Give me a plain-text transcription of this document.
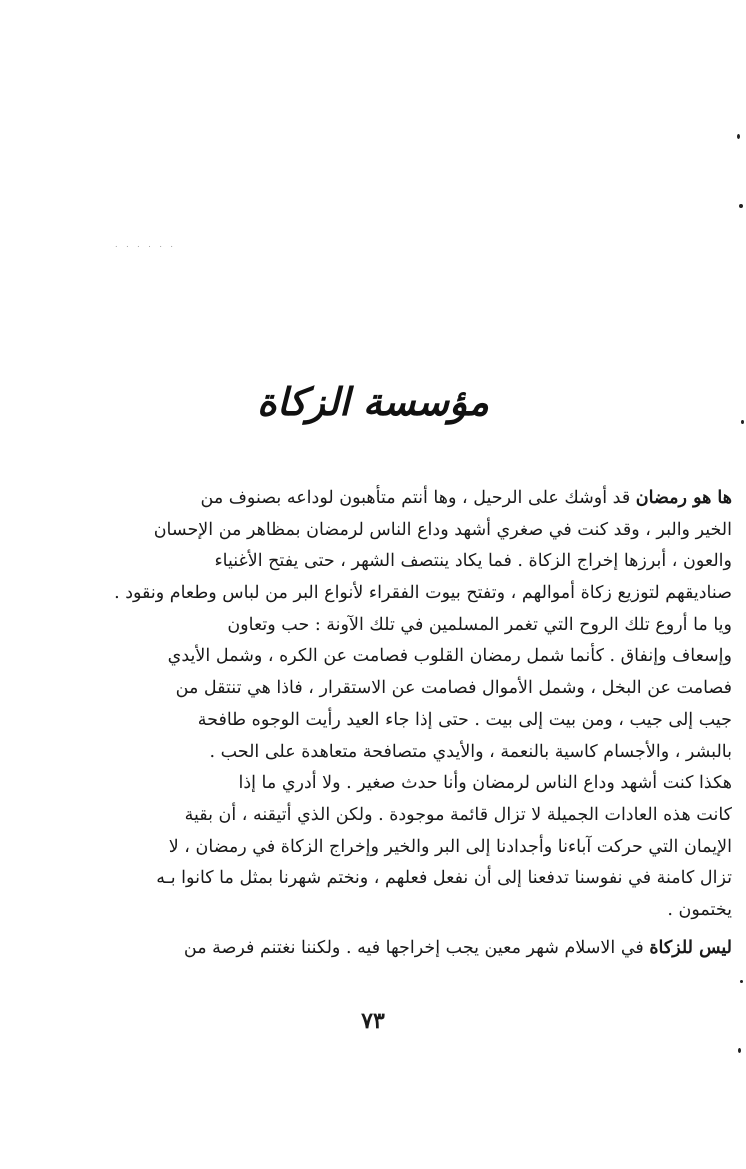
. . . . . .
مؤسسة الزكاة
ها هو رمضان قد أوشك على الرحيل ، وها أنتم متأهبون لوداعه بصنوف من
الخير والبر ، وقد كنت في صغري أشهد وداع الناس لرمضان بمظاهر من الإحسان
والعون ، أبرزها إخراج الزكاة . فما يكاد ينتصف الشهر ، حتى يفتح الأغنياء
صناديقهم لتوزيع زكاة أموالهم ، وتفتح بيوت الفقراء لأنواع البر من لباس وطعام ونقود .
ويا ما أروع تلك الروح التي تغمر المسلمين في تلك الآونة : حب وتعاون
وإسعاف وإنفاق . كأنما شمل رمضان القلوب فصامت عن الكره ، وشمل الأيدي
فصامت عن البخل ، وشمل الأموال فصامت عن الاستقرار ، فاذا هي تنتقل من
جيب إلى جيب ، ومن بيت إلى بيت . حتى إذا جاء العيد رأيت الوجوه طافحة
بالبشر ، والأجسام كاسية بالنعمة ، والأيدي متصافحة متعاهدة على الحب .
هكذا كنت أشهد وداع الناس لرمضان وأنا حدث صغير . ولا أدري ما إذا
كانت هذه العادات الجميلة لا تزال قائمة موجودة . ولكن الذي أتيقنه ، أن بقية
الإيمان التي حركت آباءنا وأجدادنا إلى البر والخير وإخراج الزكاة في رمضان ، لا
تزال كامنة في نفوسنا تدفعنا إلى أن نفعل فعلهم ، ونختم شهرنا بمثل ما كانوا بـه
يختمون .
ليس للزكاة في الاسلام شهر معين يجب إخراجها فيه . ولكننا نغتنم فرصة من
٧٣
